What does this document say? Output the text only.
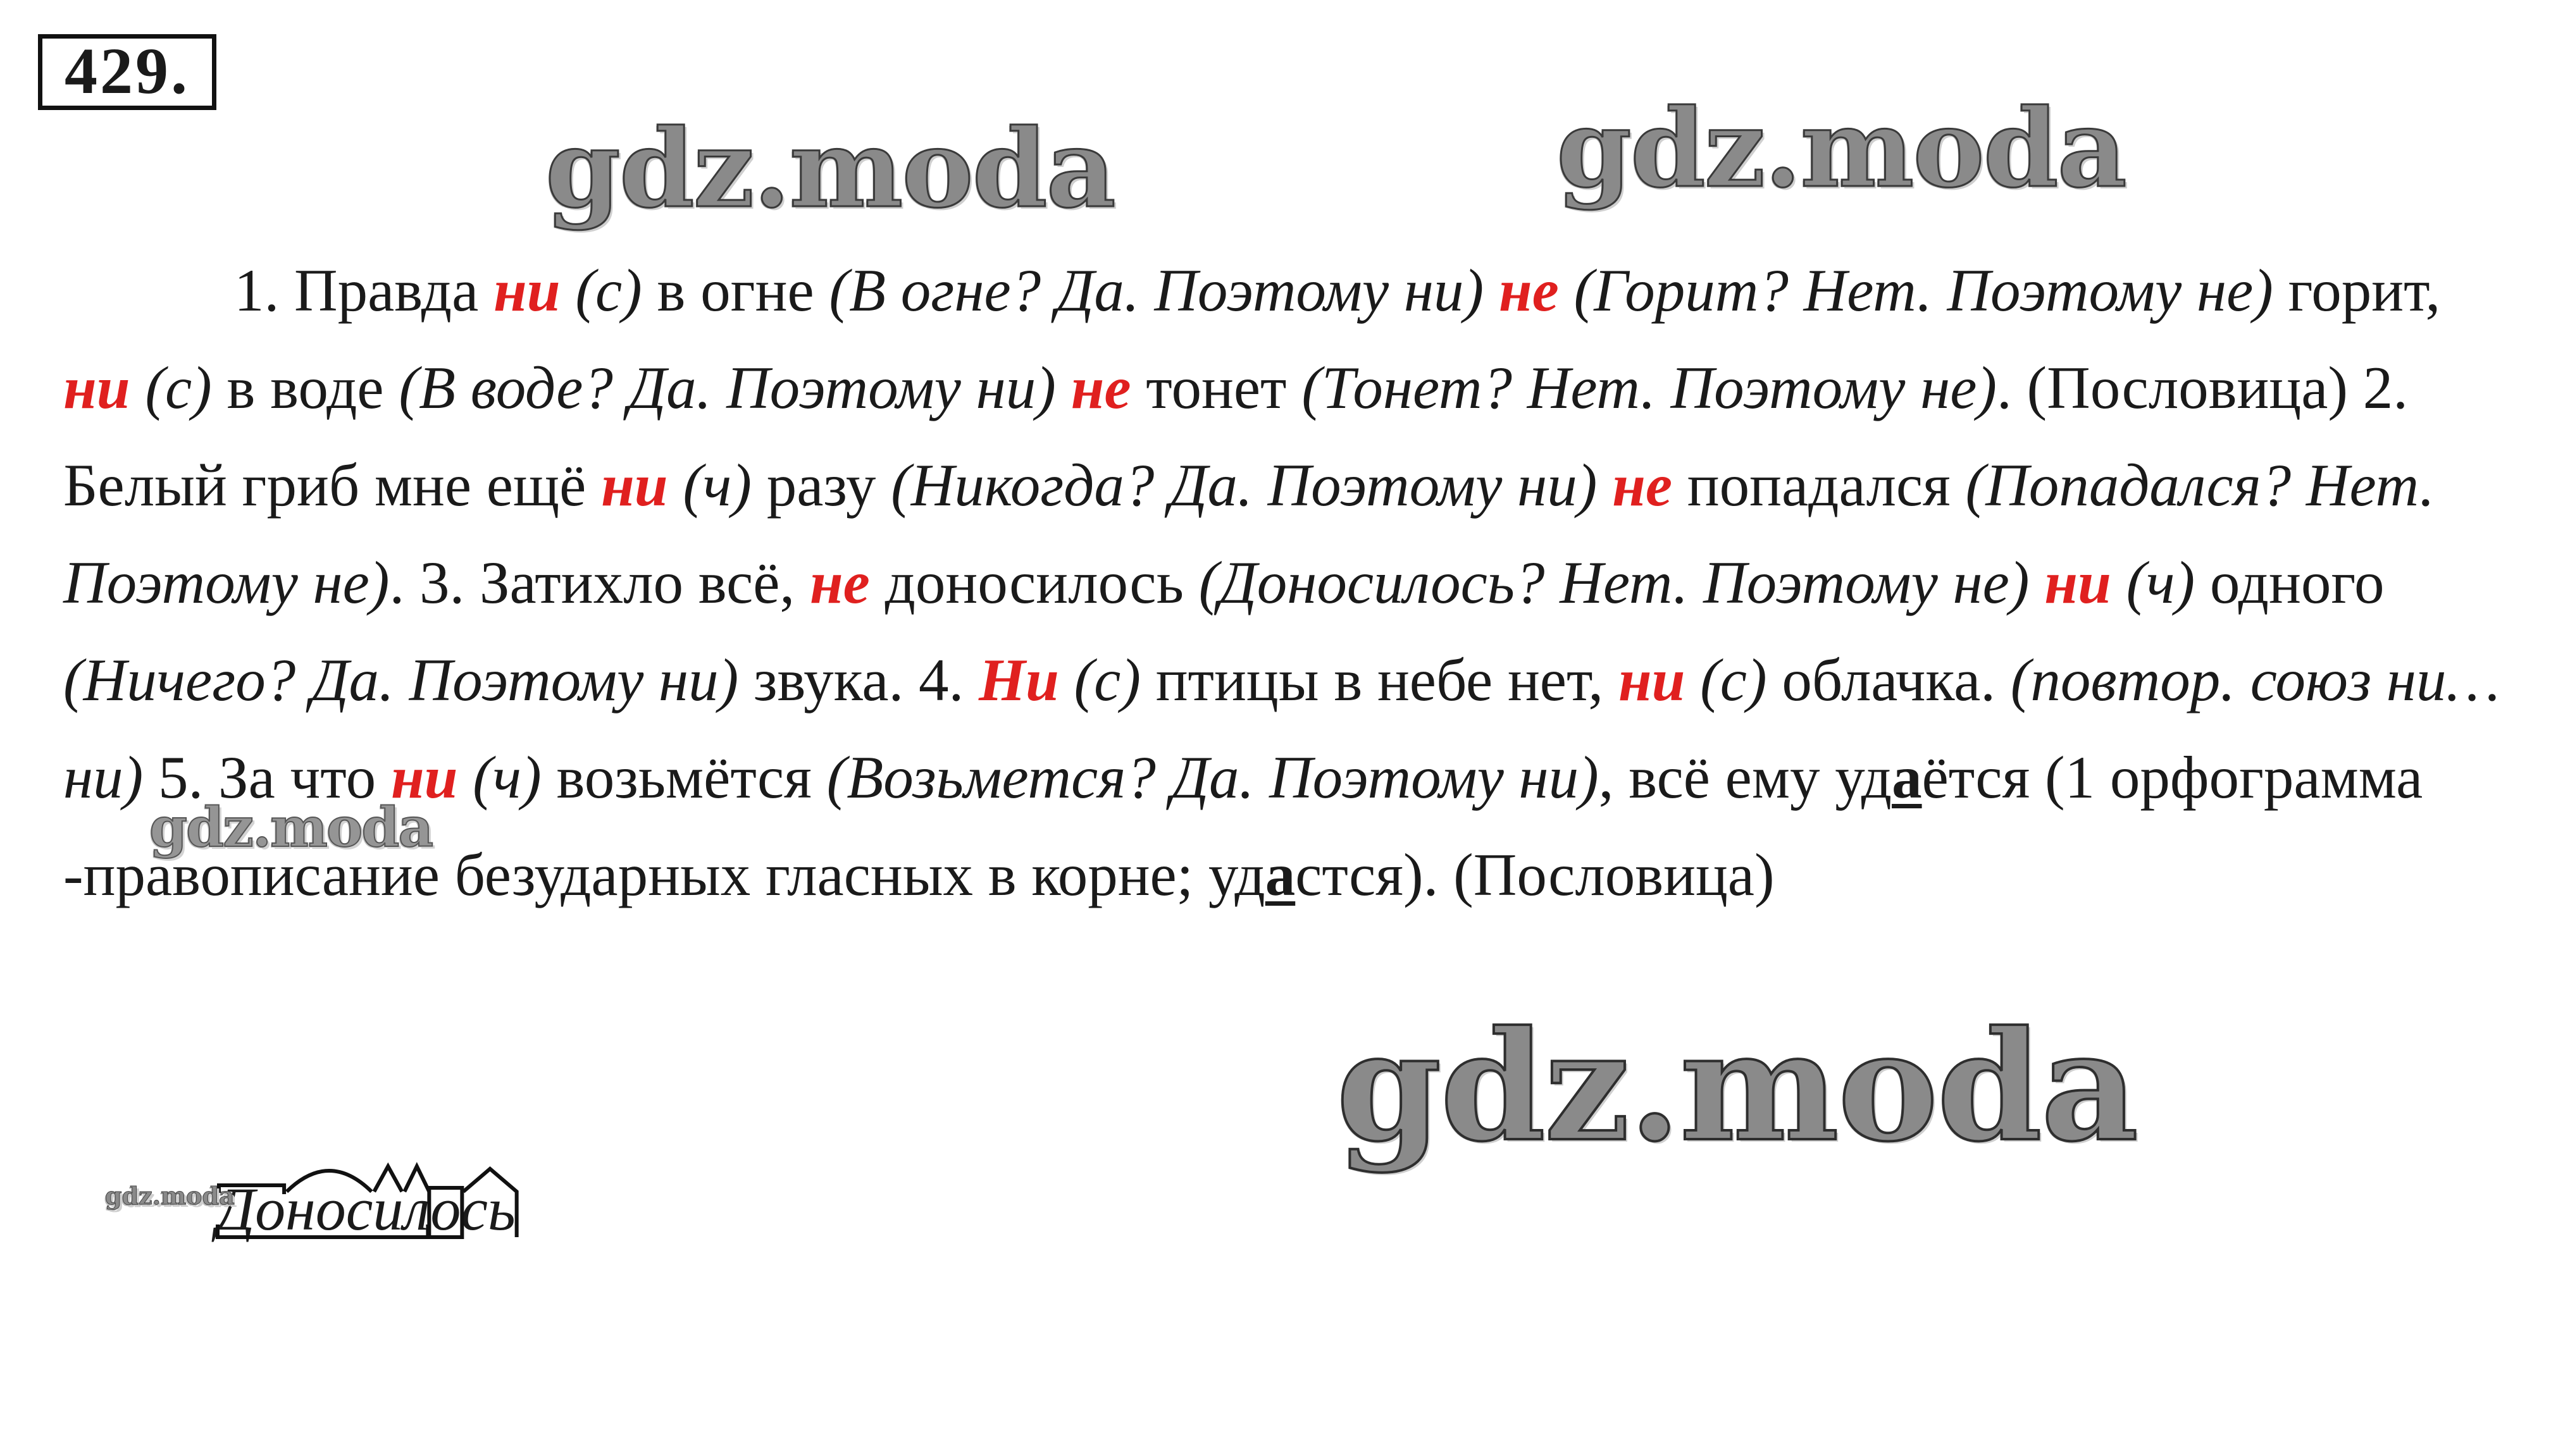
429.
gdz.moda	gdz.moda
gdz.moda

1. Правда ни (с) в огне (В огне? Да. Поэтому ни) не (Горит? Нет. Поэтому не) горит, ни (с) в воде (В воде? Да. Поэтому ни) не тонет (Тонет? Нет. Поэтому не). (Пословица) 2. Белый гриб мне ещё ни (ч) разу (Никогда? Да. Поэтому ни) не попадался (Попадался? Нет. Поэтому не). 3. Затихло всё, не доносилось (Доносилось? Нет. Поэтому не) ни (ч) одного (Ничего? Да. Поэтому ни) звука. 4. Ни (с) птицы в небе нет, ни (с) облачка. (повтор. союз ни…ни) 5. За что ни (ч) возьмётся (Возьмется? Да. Поэтому ни), всё ему удаётся (1 орфограмма -правописание безударных гласных в корне; удастся). (Пословица)

gdz.moda
Доносилось
gdz.moda
